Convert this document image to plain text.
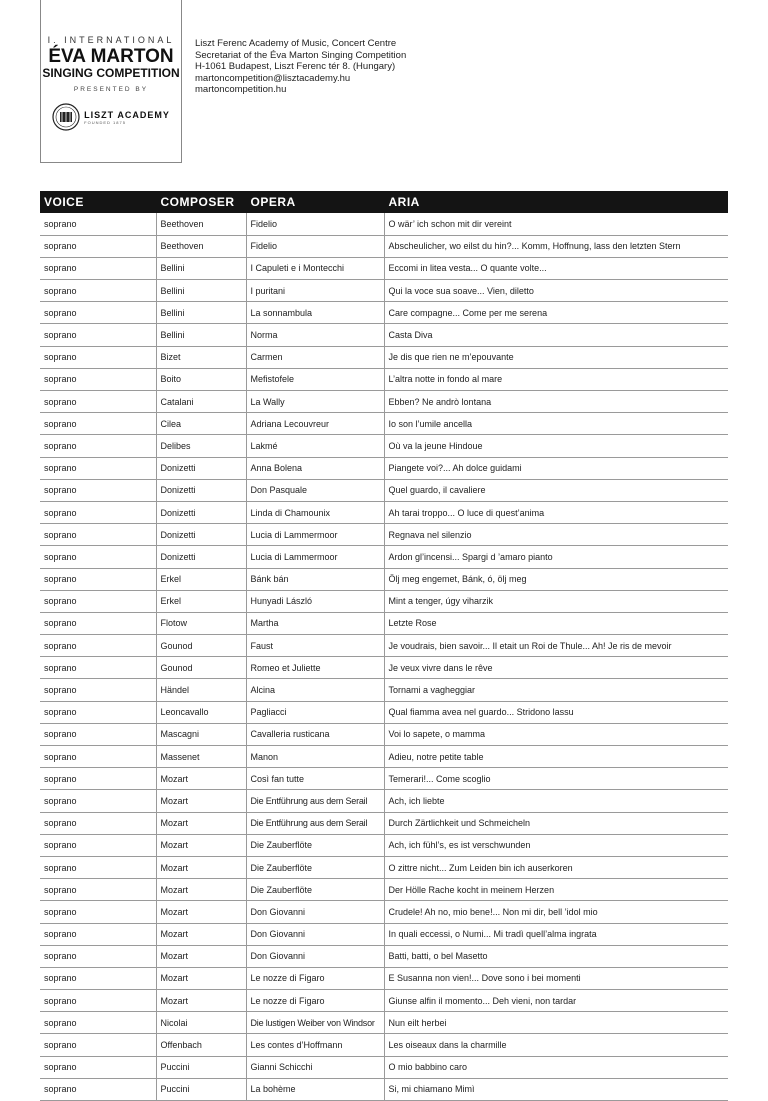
I. INTERNATIONAL
ÉVA MARTON
SINGING COMPETITION
PRESENTED BY
LISZT ACADEMY
FOUNDED 1875
Liszt Ferenc Academy of Music, Concert Centre
Secretariat of the Éva Marton Singing Competition
H-1061 Budapest, Liszt Ferenc tér 8. (Hungary)
martoncompetition@lisztacademy.hu
martoncompetition.hu
VOICE	COMPOSER	OPERA	ARIA
soprano	Beethoven	Fidelio	O wär’ ich schon mit dir vereint
soprano	Beethoven	Fidelio	Abscheulicher, wo eilst du hin?... Komm, Hoffnung, lass den letzten Stern
soprano	Bellini	I Capuleti e i Montecchi	Eccomi in litea vesta... O quante volte...
soprano	Bellini	I puritani	Qui la voce sua soave... Vien, diletto
soprano	Bellini	La sonnambula	Care compagne... Come per me serena
soprano	Bellini	Norma	Casta Diva
soprano	Bizet	Carmen	Je dis que rien ne m’epouvante
soprano	Boito	Mefistofele	L’altra notte in fondo al mare
soprano	Catalani	La Wally	Ebben? Ne andrò lontana
soprano	Cilea	Adriana Lecouvreur	Io son l’umile ancella
soprano	Delibes	Lakmé	Où va la jeune Hindoue
soprano	Donizetti	Anna Bolena	Piangete voi?... Ah dolce guidami
soprano	Donizetti	Don Pasquale	Quel guardo, il cavaliere
soprano	Donizetti	Linda di Chamounix	Ah tarai troppo... O luce di quest’anima
soprano	Donizetti	Lucia di Lammermoor	Regnava nel silenzio
soprano	Donizetti	Lucia di Lammermoor	Ardon gl’incensi... Spargi d ’amaro pianto
soprano	Erkel	Bánk bán	Ölj meg engemet, Bánk, ó, ölj meg
soprano	Erkel	Hunyadi László	Mint a tenger, úgy viharzik
soprano	Flotow	Martha	Letzte Rose
soprano	Gounod	Faust	Je voudrais, bien savoir... Il etait un Roi de Thule... Ah! Je ris de mevoir
soprano	Gounod	Romeo et Juliette	Je veux vivre dans le rêve
soprano	Händel	Alcina	Tornami a vagheggiar
soprano	Leoncavallo	Pagliacci	Qual fiamma avea nel guardo... Stridono lassu
soprano	Mascagni	Cavalleria rusticana	Voi lo sapete, o mamma
soprano	Massenet	Manon	Adieu, notre petite table
soprano	Mozart	Così fan tutte	Temerari!... Come scoglio
soprano	Mozart	Die Entführung aus dem Serail	Ach, ich liebte
soprano	Mozart	Die Entführung aus dem Serail	Durch Zärtlichkeit und Schmeicheln
soprano	Mozart	Die Zauberflöte	Ach, ich fühl’s, es ist verschwunden
soprano	Mozart	Die Zauberflöte	O zittre nicht... Zum Leiden bin ich auserkoren
soprano	Mozart	Die Zauberflöte	Der Hölle Rache kocht in meinem Herzen
soprano	Mozart	Don Giovanni	Crudele! Ah no, mio bene!... Non mi dir, bell ’idol mio
soprano	Mozart	Don Giovanni	In quali eccessi, o Numi... Mi tradì quell’alma ingrata
soprano	Mozart	Don Giovanni	Batti, batti, o bel Masetto
soprano	Mozart	Le nozze di Figaro	E Susanna non vien!... Dove sono i bei momenti
soprano	Mozart	Le nozze di Figaro	Giunse alfin il momento... Deh vieni, non tardar
soprano	Nicolai	Die lustigen Weiber von Windsor	Nun eilt herbei
soprano	Offenbach	Les contes d’Hoffmann	Les oiseaux dans la charmille
soprano	Puccini	Gianni Schicchi	O mio babbino caro
soprano	Puccini	La bohème	Si, mi chiamano Mimì
